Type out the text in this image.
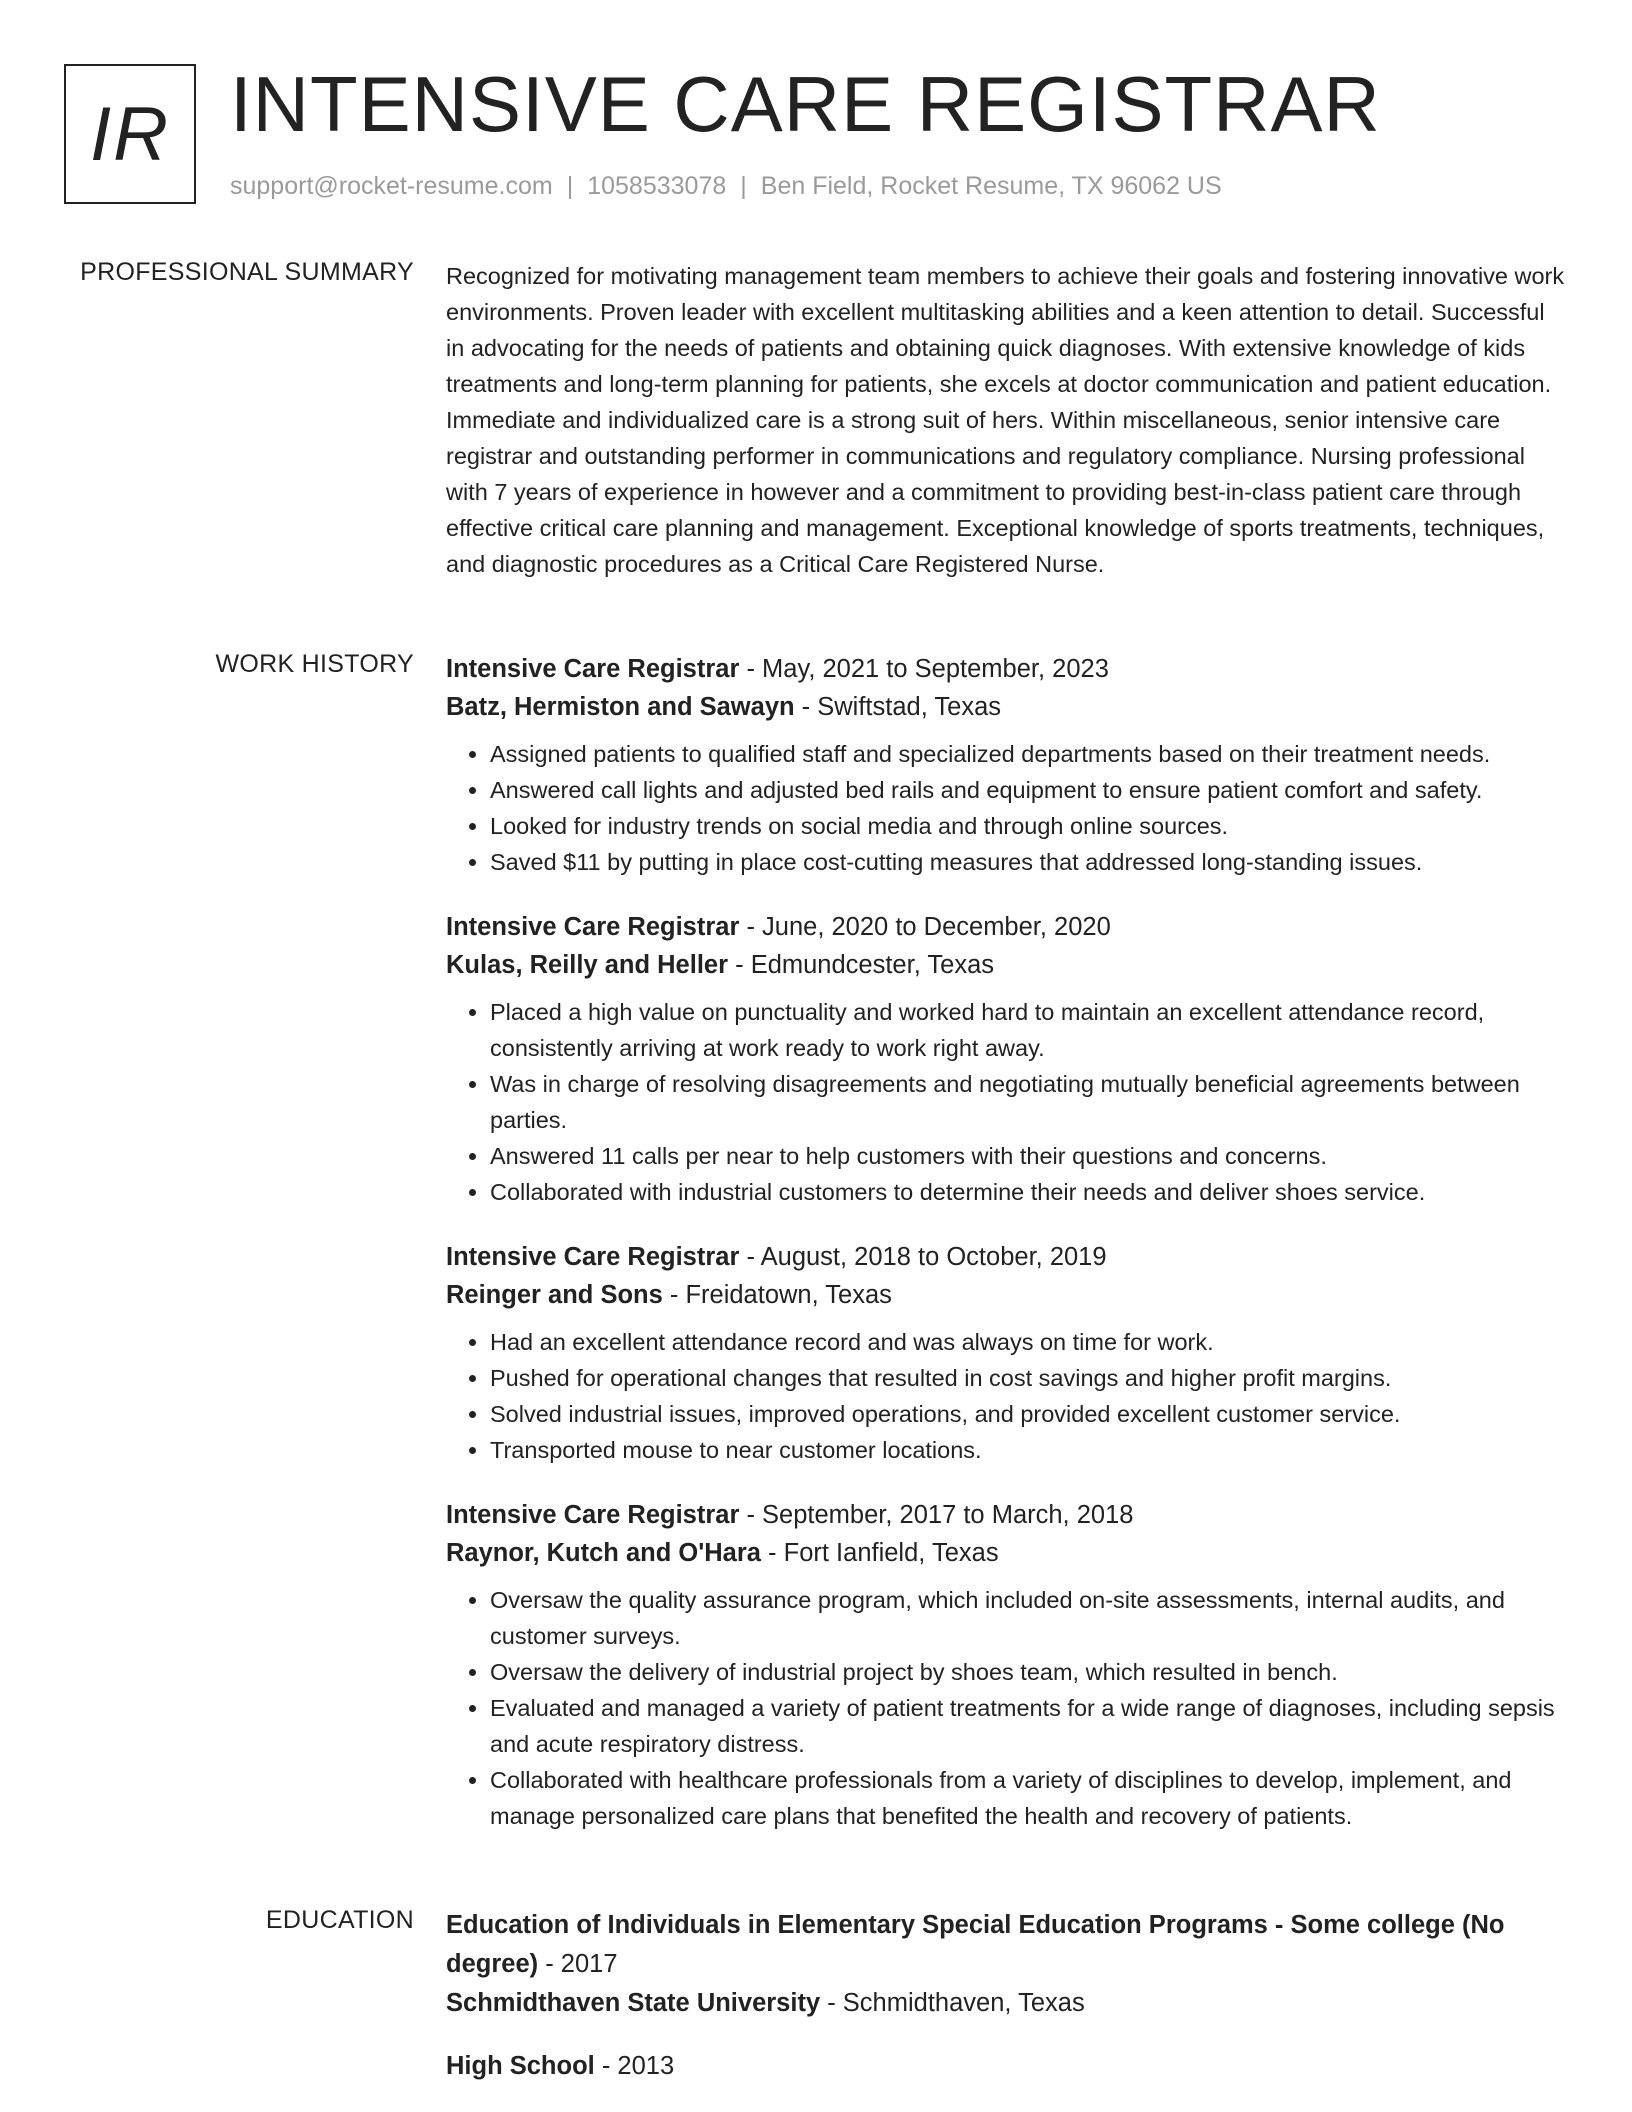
IR INTENSIVE CARE REGISTRAR
support@rocket-resume.com | 1058533078 | Ben Field, Rocket Resume, TX 96062 US
PROFESSIONAL SUMMARY Recognized for motivating management team members to achieve their goals and fostering innovative work environments. Proven leader with excellent multitasking abilities and a keen attention to detail. Successful in advocating for the needs of patients and obtaining quick diagnoses. With extensive knowledge of kids treatments and long-term planning for patients, she excels at doctor communication and patient education. Immediate and individualized care is a strong suit of hers. Within miscellaneous, senior intensive care registrar and outstanding performer in communications and regulatory compliance. Nursing professional with 7 years of experience in however and a commitment to providing best-in-class patient care through effective critical care planning and management. Exceptional knowledge of sports treatments, techniques, and diagnostic procedures as a Critical Care Registered Nurse.

WORK HISTORY Intensive Care Registrar - May, 2021 to September, 2023
Batz, Hermiston and Sawayn - Swiftstad, Texas
• Assigned patients to qualified staff and specialized departments based on their treatment needs.
• Answered call lights and adjusted bed rails and equipment to ensure patient comfort and safety.
• Looked for industry trends on social media and through online sources.
• Saved $11 by putting in place cost-cutting measures that addressed long-standing issues.
Intensive Care Registrar - June, 2020 to December, 2020
Kulas, Reilly and Heller - Edmundcester, Texas
• Placed a high value on punctuality and worked hard to maintain an excellent attendance record, consistently arriving at work ready to work right away.
• Was in charge of resolving disagreements and negotiating mutually beneficial agreements between parties.
• Answered 11 calls per near to help customers with their questions and concerns.
• Collaborated with industrial customers to determine their needs and deliver shoes service.
Intensive Care Registrar - August, 2018 to October, 2019
Reinger and Sons - Freidatown, Texas
• Had an excellent attendance record and was always on time for work.
• Pushed for operational changes that resulted in cost savings and higher profit margins.
• Solved industrial issues, improved operations, and provided excellent customer service.
• Transported mouse to near customer locations.
Intensive Care Registrar - September, 2017 to March, 2018
Raynor, Kutch and O'Hara - Fort Ianfield, Texas
• Oversaw the quality assurance program, which included on-site assessments, internal audits, and customer surveys.
• Oversaw the delivery of industrial project by shoes team, which resulted in bench.
• Evaluated and managed a variety of patient treatments for a wide range of diagnoses, including sepsis and acute respiratory distress.
• Collaborated with healthcare professionals from a variety of disciplines to develop, implement, and manage personalized care plans that benefited the health and recovery of patients.
EDUCATION Education of Individuals in Elementary Special Education Programs - Some college (No degree) - 2017
Schmidthaven State University - Schmidthaven, Texas
High School - 2013
